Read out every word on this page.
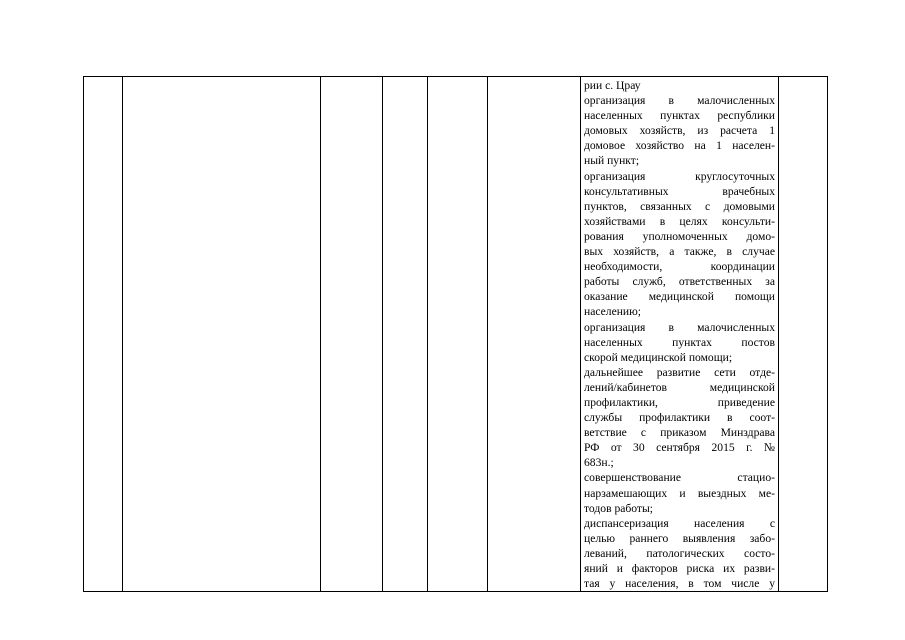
рии с. Црау
организация в малочисленных
населенных пунктах республики
домовых хозяйств, из расчета 1
домовое хозяйство на 1 населен-
ный пункт;
организация круглосуточных
консультативных врачебных
пунктов, связанных с домовыми
хозяйствами в целях консульти-
рования уполномоченных домо-
вых хозяйств, а также, в случае
необходимости, координации
работы служб, ответственных за
оказание медицинской помощи
населению;
организация в малочисленных
населенных пунктах постов
скорой медицинской помощи;
дальнейшее развитие сети отде-
лений/кабинетов медицинской
профилактики, приведение
службы профилактики в соот-
ветствие с приказом Минздрава
РФ от 30 сентября 2015 г. №
683н.;
совершенствование стацио-
нарзамешающих и выездных ме-
тодов работы;
диспансеризация населения с
целью раннего выявления забо-
леваний, патологических состо-
яний и факторов риска их разви-
тая у населения, в том числе у
